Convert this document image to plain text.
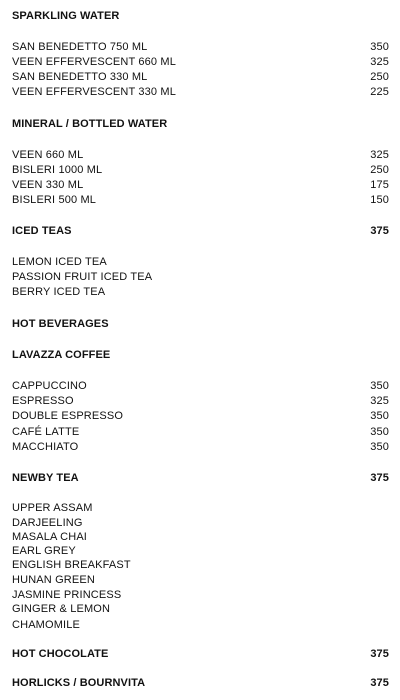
SPARKLING WATER
SAN BENEDETTO 750 ML	350
VEEN EFFERVESCENT 660 ML	325
SAN BENEDETTO 330 ML	250
VEEN EFFERVESCENT 330 ML	225
MINERAL / BOTTLED WATER
VEEN 660 ML	325
BISLERI 1000 ML	250
VEEN 330 ML	175
BISLERI 500 ML	150
ICED TEAS	375
LEMON ICED TEA
PASSION FRUIT ICED TEA
BERRY ICED TEA
HOT BEVERAGES
LAVAZZA COFFEE
CAPPUCCINO	350
ESPRESSO	325
DOUBLE ESPRESSO	350
CAFÉ LATTE	350
MACCHIATO	350
NEWBY TEA	375
UPPER ASSAM
DARJEELING
MASALA CHAI
EARL GREY
ENGLISH BREAKFAST
HUNAN GREEN
JASMINE PRINCESS
GINGER & LEMON
CHAMOMILE
HOT CHOCOLATE	375
HORLICKS / BOURNVITA	375
